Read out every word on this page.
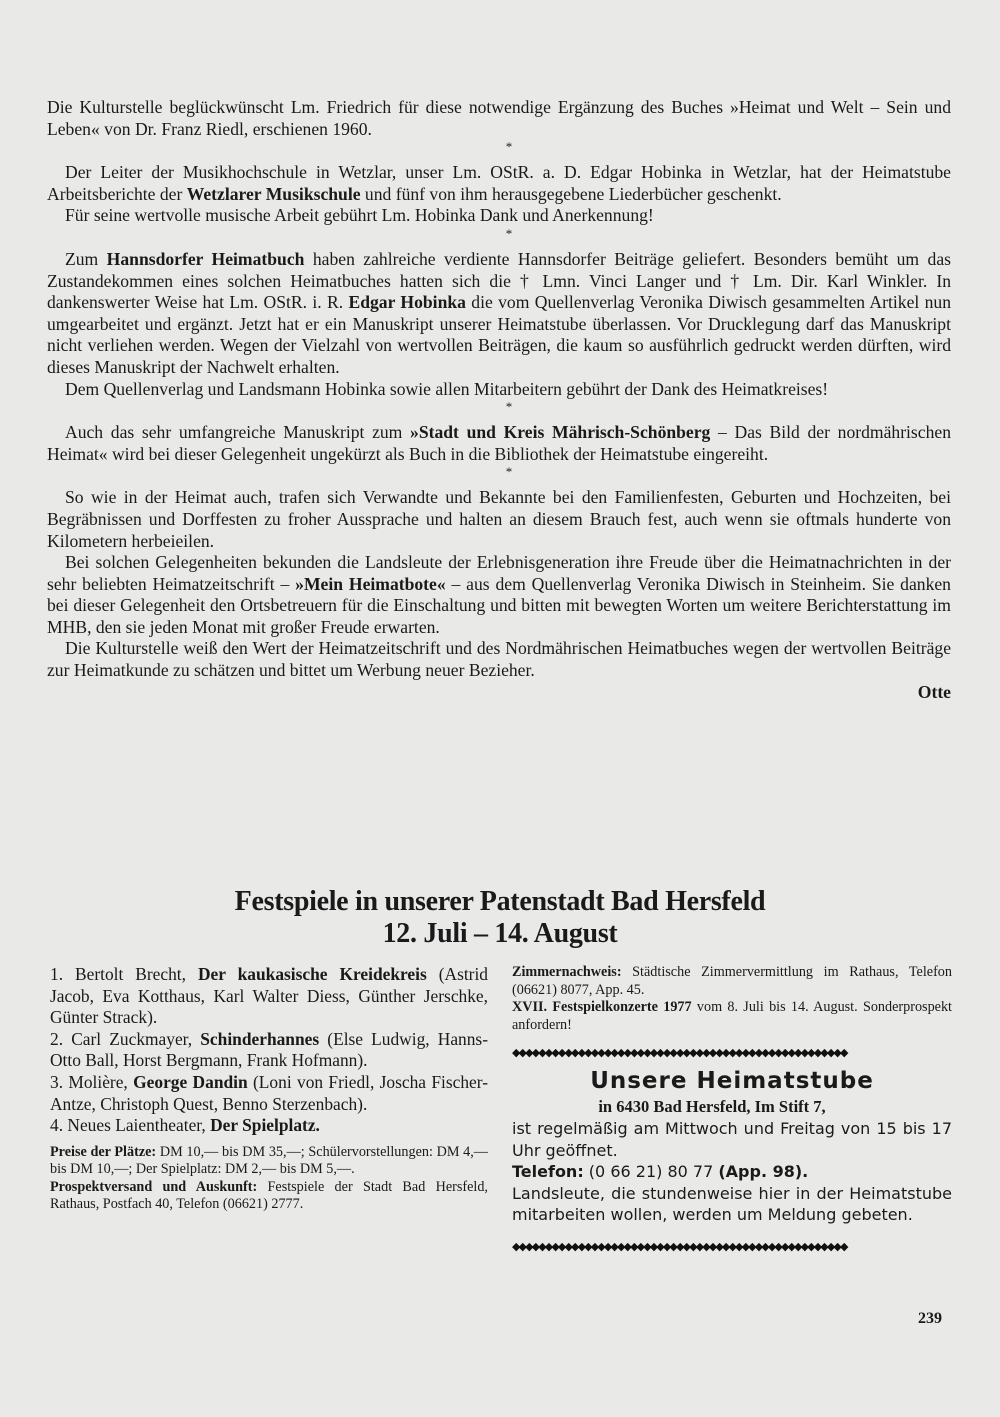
Die Kulturstelle beglückwünscht Lm. Friedrich für diese notwendige Ergänzung des Buches »Heimat und Welt – Sein und Leben« von Dr. Franz Riedl, erschienen 1960.

*

Der Leiter der Musikhochschule in Wetzlar, unser Lm. OStR. a. D. Edgar Hobinka in Wetzlar, hat der Heimatstube Arbeitsberichte der Wetzlarer Musikschule und fünf von ihm herausgegebene Liederbücher geschenkt.

Für seine wertvolle musische Arbeit gebührt Lm. Hobinka Dank und Anerkennung!

*

Zum Hannsdorfer Heimatbuch haben zahlreiche verdiente Hannsdorfer Beiträge geliefert. Besonders bemüht um das Zustandekommen eines solchen Heimatbuches hatten sich die † Lmn. Vinci Langer und † Lm. Dir. Karl Winkler. In dankenswerter Weise hat Lm. OStR. i. R. Edgar Hobinka die vom Quellenverlag Veronika Diwisch gesammelten Artikel nun umgearbeitet und ergänzt. Jetzt hat er ein Manuskript unserer Heimatstube überlassen. Vor Drucklegung darf das Manuskript nicht verliehen werden. Wegen der Vielzahl von wertvollen Beiträgen, die kaum so ausführlich gedruckt werden dürften, wird dieses Manuskript der Nachwelt erhalten.

Dem Quellenverlag und Landsmann Hobinka sowie allen Mitarbeitern gebührt der Dank des Heimatkreises!

*

Auch das sehr umfangreiche Manuskript zum »Stadt und Kreis Mährisch-Schönberg – Das Bild der nordmährischen Heimat« wird bei dieser Gelegenheit ungekürzt als Buch in die Bibliothek der Heimatstube eingereiht.

*

So wie in der Heimat auch, trafen sich Verwandte und Bekannte bei den Familienfesten, Geburten und Hochzeiten, bei Begräbnissen und Dorffesten zu froher Aussprache und halten an diesem Brauch fest, auch wenn sie oftmals hunderte von Kilometern herbeieilen.

Bei solchen Gelegenheiten bekunden die Landsleute der Erlebnisgeneration ihre Freude über die Heimatnachrichten in der sehr beliebten Heimatzeitschrift – »Mein Heimatbote« – aus dem Quellenverlag Veronika Diwisch in Steinheim. Sie danken bei dieser Gelegenheit den Ortsbetreuern für die Einschaltung und bitten mit bewegten Worten um weitere Berichterstattung im MHB, den sie jeden Monat mit großer Freude erwarten.

Die Kulturstelle weiß den Wert der Heimatzeitschrift und des Nordmährischen Heimatbuches wegen der wertvollen Beiträge zur Heimatkunde zu schätzen und bittet um Werbung neuer Bezieher.

Otte
Festspiele in unserer Patenstadt Bad Hersfeld
12. Juli – 14. August

1. Bertolt Brecht, Der kaukasische Kreidekreis (Astrid Jacob, Eva Kotthaus, Karl Walter Diess, Günther Jerschke, Günter Strack).

2. Carl Zuckmayer, Schinderhannes (Else Ludwig, Hanns-Otto Ball, Horst Bergmann, Frank Hofmann).

3. Molière, George Dandin (Loni von Friedl, Joscha Fischer-Antze, Christoph Quest, Benno Sterzenbach).

4. Neues Laientheater, Der Spielplatz.

Preise der Plätze: DM 10,— bis DM 35,—; Schülervorstellungen: DM 4,— bis DM 10,—; Der Spielplatz: DM 2,— bis DM 5,—.

Prospektversand und Auskunft: Festspiele der Stadt Bad Hersfeld, Rathaus, Postfach 40, Telefon (06621) 2777.

Zimmernachweis: Städtische Zimmervermittlung im Rathaus, Telefon (06621) 8077, App. 45.

XVII. Festspielkonzerte 1977 vom 8. Juli bis 14. August. Sonderprospekt anfordern!

◆◆◆◆◆◆◆◆◆◆◆◆◆◆◆◆◆◆◆◆◆◆◆◆◆◆◆◆◆◆◆◆◆◆◆◆◆◆◆◆◆◆◆◆◆◆◆◆◆◆◆
Unsere Heimatstube
in 6430 Bad Hersfeld, Im Stift 7,

ist regelmäßig am Mittwoch und Freitag von 15 bis 17 Uhr geöffnet.

Telefon: (0 66 21) 80 77 (App. 98).

Landsleute, die stundenweise hier in der Heimatstube mitarbeiten wollen, werden um Meldung gebeten.

◆◆◆◆◆◆◆◆◆◆◆◆◆◆◆◆◆◆◆◆◆◆◆◆◆◆◆◆◆◆◆◆◆◆◆◆◆◆◆◆◆◆◆◆◆◆◆◆◆◆◆
239
